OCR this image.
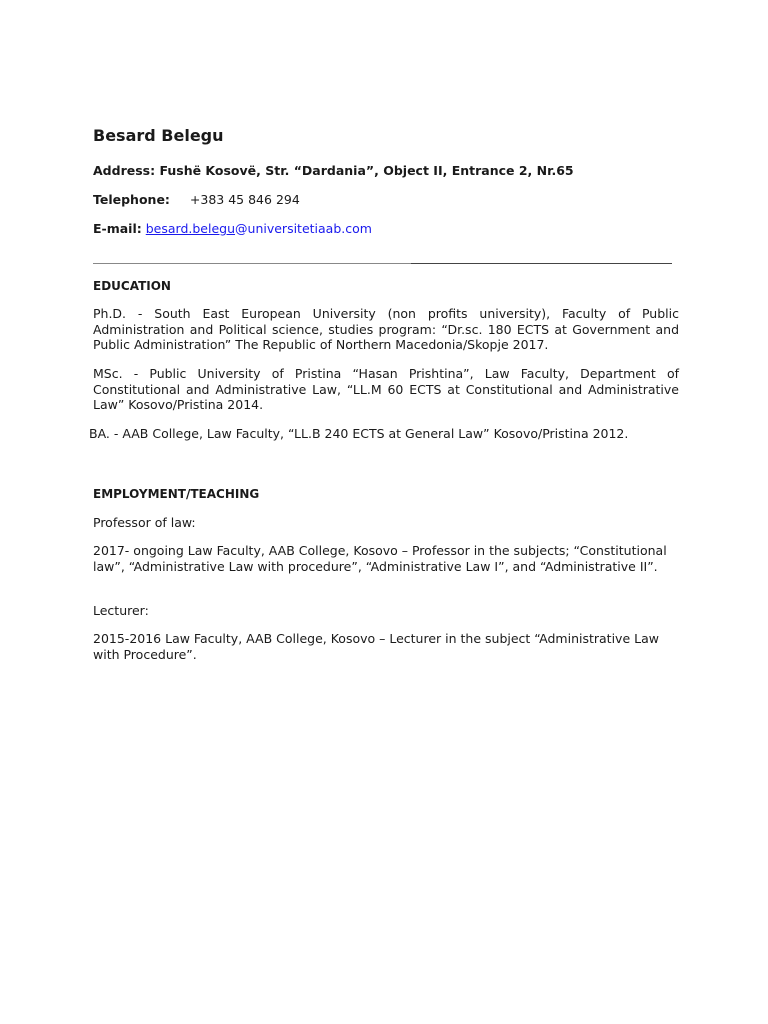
Besard Belegu
Address: Fushë Kosovë, Str. “Dardania”, Object II, Entrance 2, Nr.65
Telephone: +383 45 846 294
E-mail: besard.belegu@universitetiaab.com
EDUCATION
Ph.D. - South East European University (non profits university), Faculty of Public Administration and Political science, studies program: “Dr.sc. 180 ECTS at Government and Public Administration” The Republic of Northern Macedonia/Skopje 2017.
MSc. - Public University of Pristina “Hasan Prishtina”, Law Faculty, Department of Constitutional and Administrative Law, “LL.M 60 ECTS at Constitutional and Administrative Law” Kosovo/Pristina 2014.
BA. - AAB College, Law Faculty, “LL.B 240 ECTS at General Law” Kosovo/Pristina 2012.
EMPLOYMENT/TEACHING
Professor of law:
2017- ongoing Law Faculty, AAB College, Kosovo – Professor in the subjects; “Constitutional law”, “Administrative Law with procedure”, “Administrative Law I”, and “Administrative II”.
Lecturer:
2015-2016 Law Faculty, AAB College, Kosovo – Lecturer in the subject “Administrative Law with Procedure”.
